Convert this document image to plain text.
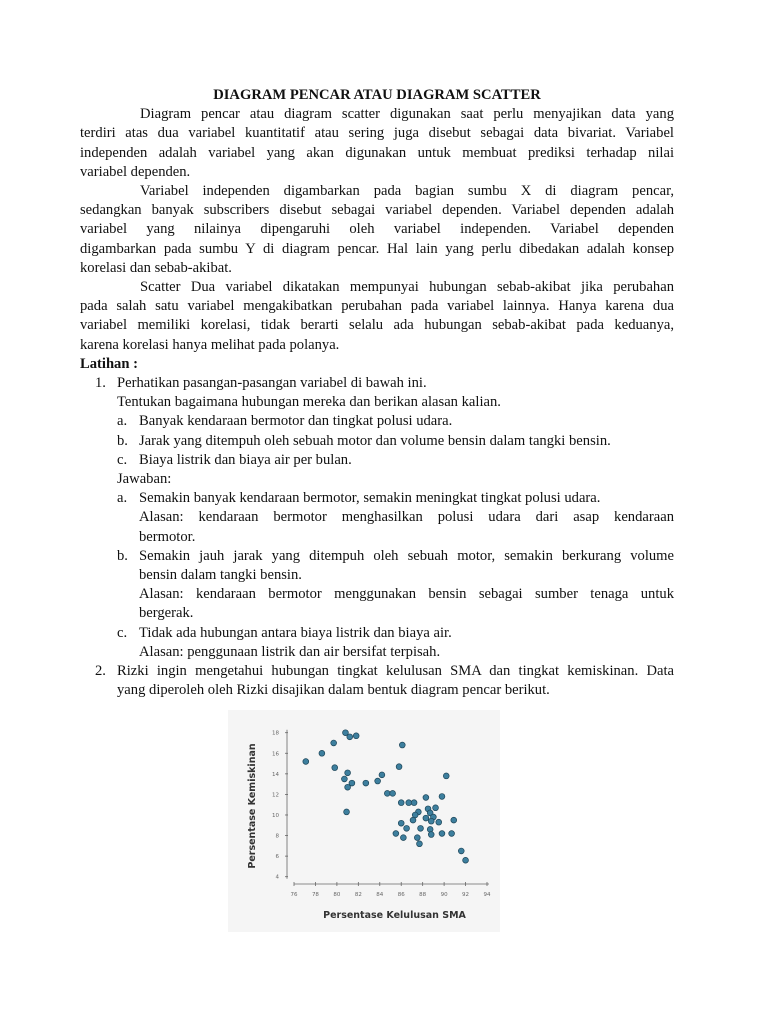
DIAGRAM PENCAR ATAU DIAGRAM SCATTER
Diagram pencar atau diagram scatter digunakan saat perlu menyajikan data yang
terdiri atas dua variabel kuantitatif atau sering juga disebut sebagai data bivariat. Variabel
independen adalah variabel yang akan digunakan untuk membuat prediksi terhadap nilai
variabel dependen.
Variabel independen digambarkan pada bagian sumbu X di diagram pencar,
sedangkan banyak subscribers disebut sebagai variabel dependen. Variabel dependen adalah
variabel yang nilainya dipengaruhi oleh variabel independen. Variabel dependen
digambarkan pada sumbu Y di diagram pencar. Hal lain yang perlu dibedakan adalah konsep
korelasi dan sebab-akibat.
Scatter Dua variabel dikatakan mempunyai hubungan sebab-akibat jika perubahan
pada salah satu variabel mengakibatkan perubahan pada variabel lainnya. Hanya karena dua
variabel memiliki korelasi, tidak berarti selalu ada hubungan sebab-akibat pada keduanya,
karena korelasi hanya melihat pada polanya.
Latihan :
1. Perhatikan pasangan-pasangan variabel di bawah ini.
Tentukan bagaimana hubungan mereka dan berikan alasan kalian.
a. Banyak kendaraan bermotor dan tingkat polusi udara.
b. Jarak yang ditempuh oleh sebuah motor dan volume bensin dalam tangki bensin.
c. Biaya listrik dan biaya air per bulan.
Jawaban:
a. Semakin banyak kendaraan bermotor, semakin meningkat tingkat polusi udara.
Alasan: kendaraan bermotor menghasilkan polusi udara dari asap kendaraan
bermotor.
b. Semakin jauh jarak yang ditempuh oleh sebuah motor, semakin berkurang volume
bensin dalam tangki bensin.
Alasan: kendaraan bermotor menggunakan bensin sebagai sumber tenaga untuk
bergerak.
c. Tidak ada hubungan antara biaya listrik dan biaya air.
Alasan: penggunaan listrik dan air bersifat terpisah.
2. Rizki ingin mengetahui hubungan tingkat kelulusan SMA dan tingkat kemiskinan. Data
yang diperoleh oleh Rizki disajikan dalam bentuk diagram pencar berikut.
76	78	80	82	84	86	88	90	92	94
4
6
8
10
12
14
16
18
Persentase Kelulusan SMA
Persentase Kemiskinan
